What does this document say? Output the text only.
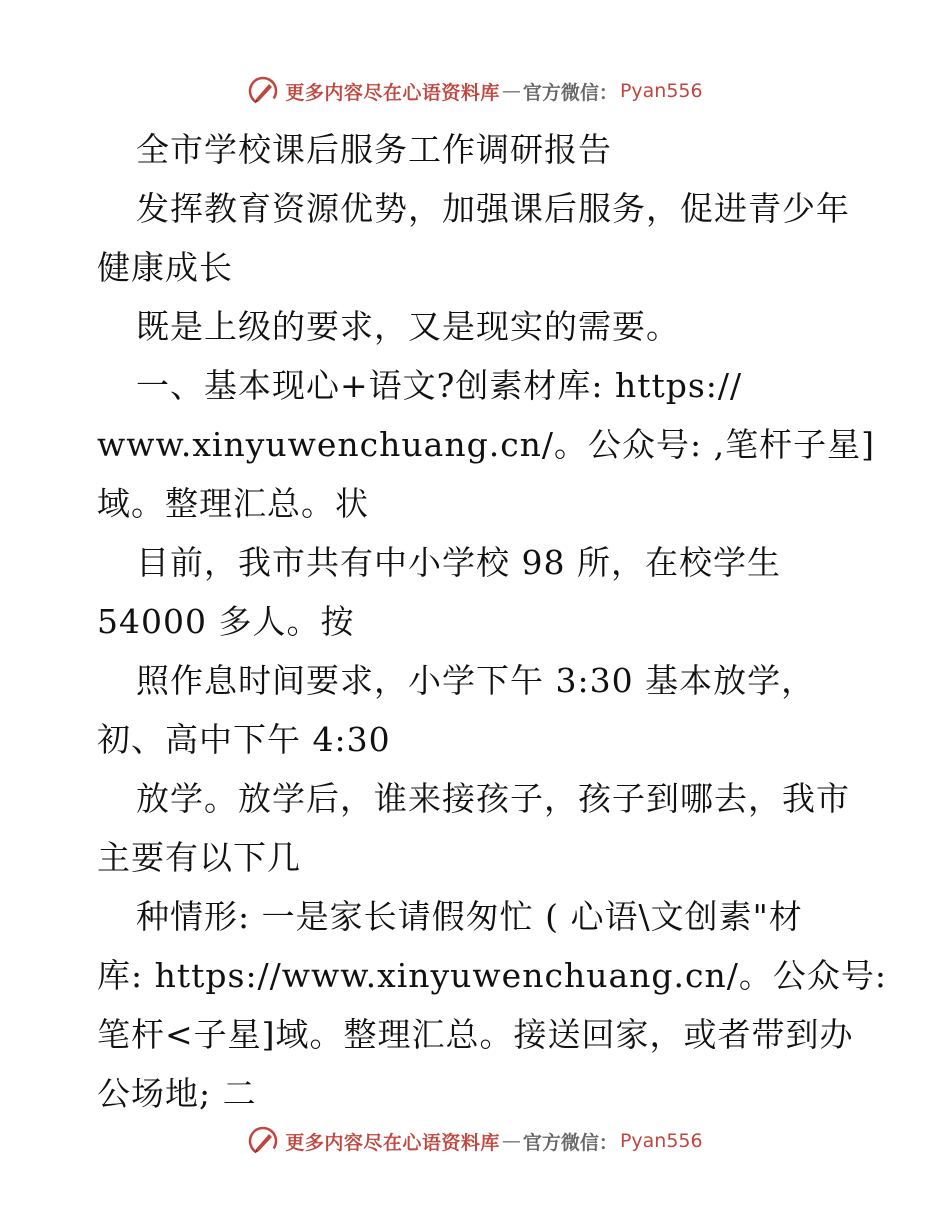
更多内容尽在心语资料库 — 官方微信： Pyan556

全市学校课后服务工作调研报告

发挥教育资源优势，加强课后服务，促进青少年
健康成长

既是上级的要求，又是现实的需要。

一、基本现心+语文?创素材库: https://
www.xinyuwenchuang.cn/。公众号: ,笔杆子星]
域。整理汇总。状

目前，我市共有中小学校 98 所，在校学生
54000 多人。按

照作息时间要求，小学下午 3:30 基本放学，
初、高中下午 4:30

放学。放学后，谁来接孩子，孩子到哪去，我市
主要有以下几

种情形: 一是家长请假匆忙 ( 心语\文创素"材
库: https://www.xinyuwenchuang.cn/。公众号:
笔杆<子星]域。整理汇总。接送回家，或者带到办
公场地; 二

更多内容尽在心语资料库 — 官方微信： Pyan556
